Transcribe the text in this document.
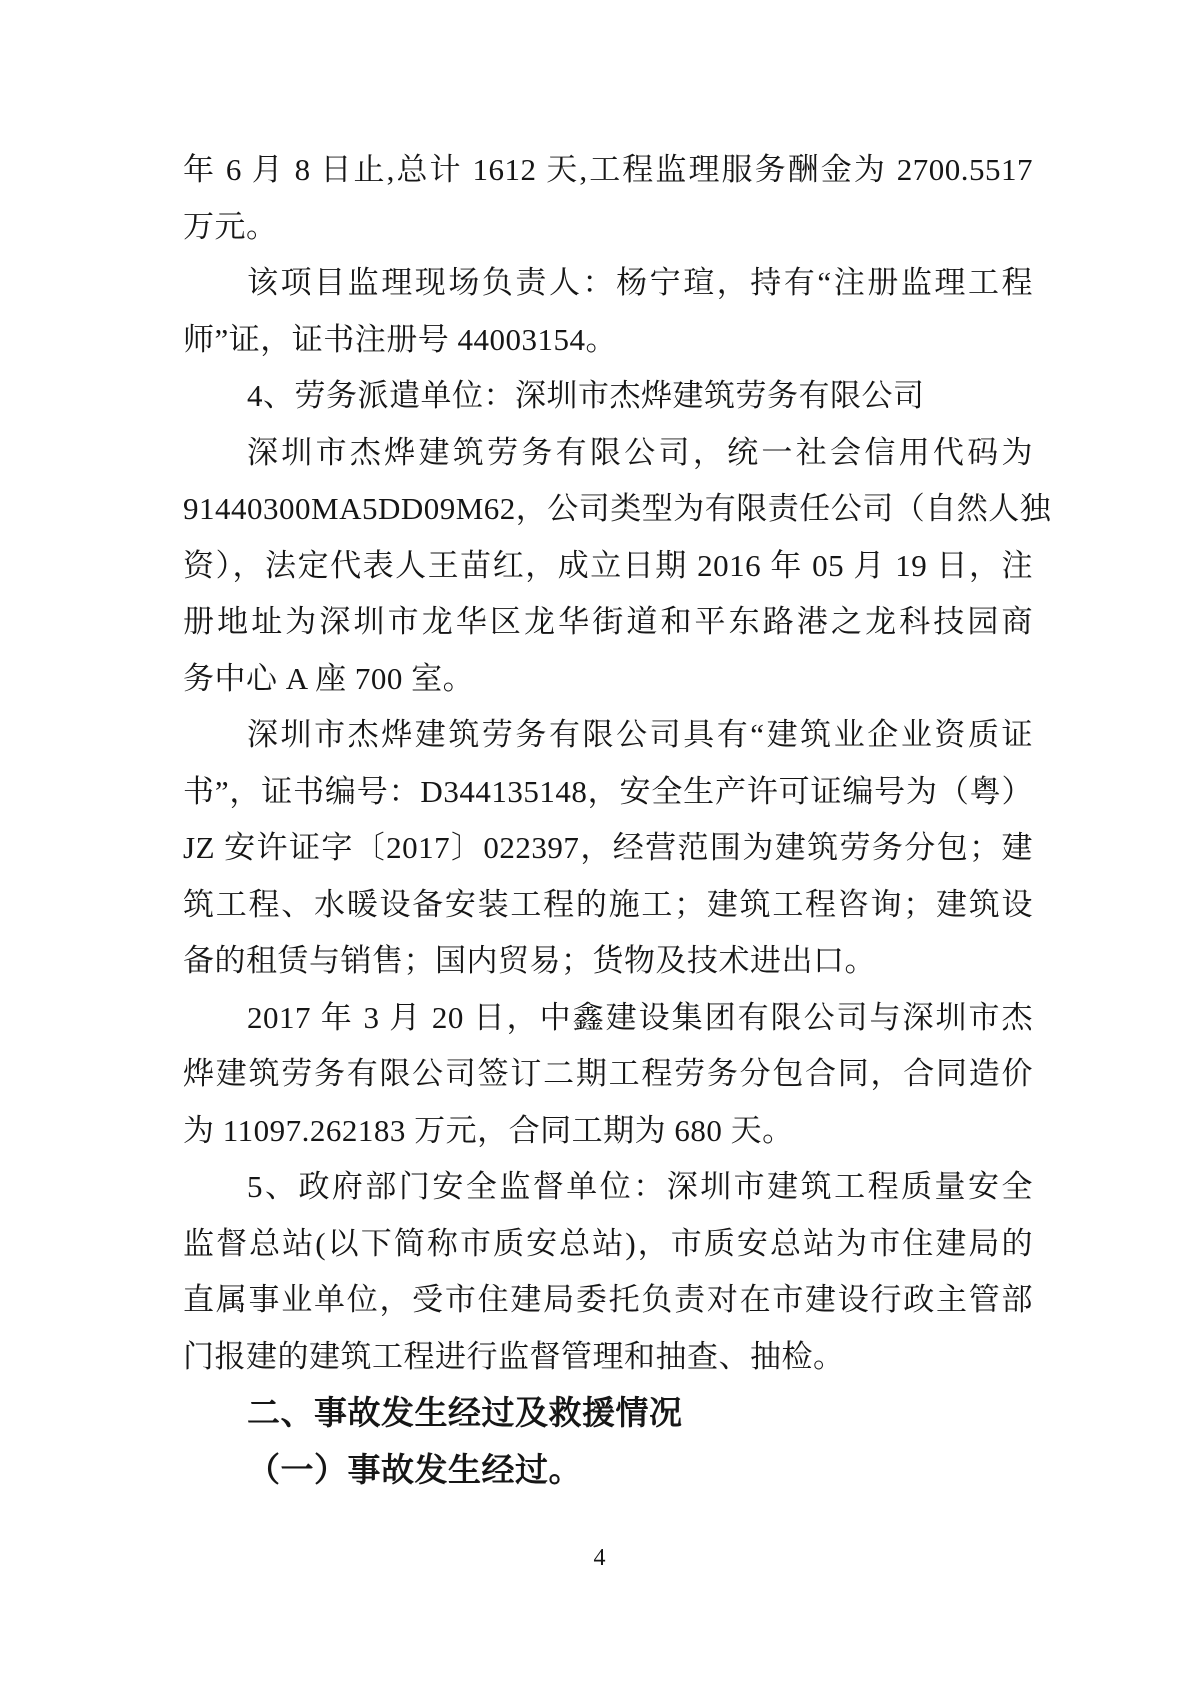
年 6 月 8 日止,总计 1612 天,工程监理服务酬金为 2700.5517
万元。
该项目监理现场负责人：杨宁瑄，持有“注册监理工程
师”证，证书注册号 44003154。
4、劳务派遣单位：深圳市杰烨建筑劳务有限公司
深圳市杰烨建筑劳务有限公司，统一社会信用代码为
91440300MA5DD09M62，公司类型为有限责任公司（自然人独
资），法定代表人王苗红，成立日期 2016 年 05 月 19 日，注
册地址为深圳市龙华区龙华街道和平东路港之龙科技园商
务中心 A 座 700 室。
深圳市杰烨建筑劳务有限公司具有“建筑业企业资质证
书”，证书编号：D344135148，安全生产许可证编号为（粤）
JZ 安许证字〔2017〕022397，经营范围为建筑劳务分包；建
筑工程、水暖设备安装工程的施工；建筑工程咨询；建筑设
备的租赁与销售；国内贸易；货物及技术进出口。
2017 年 3 月 20 日，中鑫建设集团有限公司与深圳市杰
烨建筑劳务有限公司签订二期工程劳务分包合同，合同造价
为 11097.262183 万元，合同工期为 680 天。
5、政府部门安全监督单位：深圳市建筑工程质量安全
监督总站(以下简称市质安总站)，市质安总站为市住建局的
直属事业单位，受市住建局委托负责对在市建设行政主管部
门报建的建筑工程进行监督管理和抽查、抽检。
二、事故发生经过及救援情况
（一）事故发生经过。
4
